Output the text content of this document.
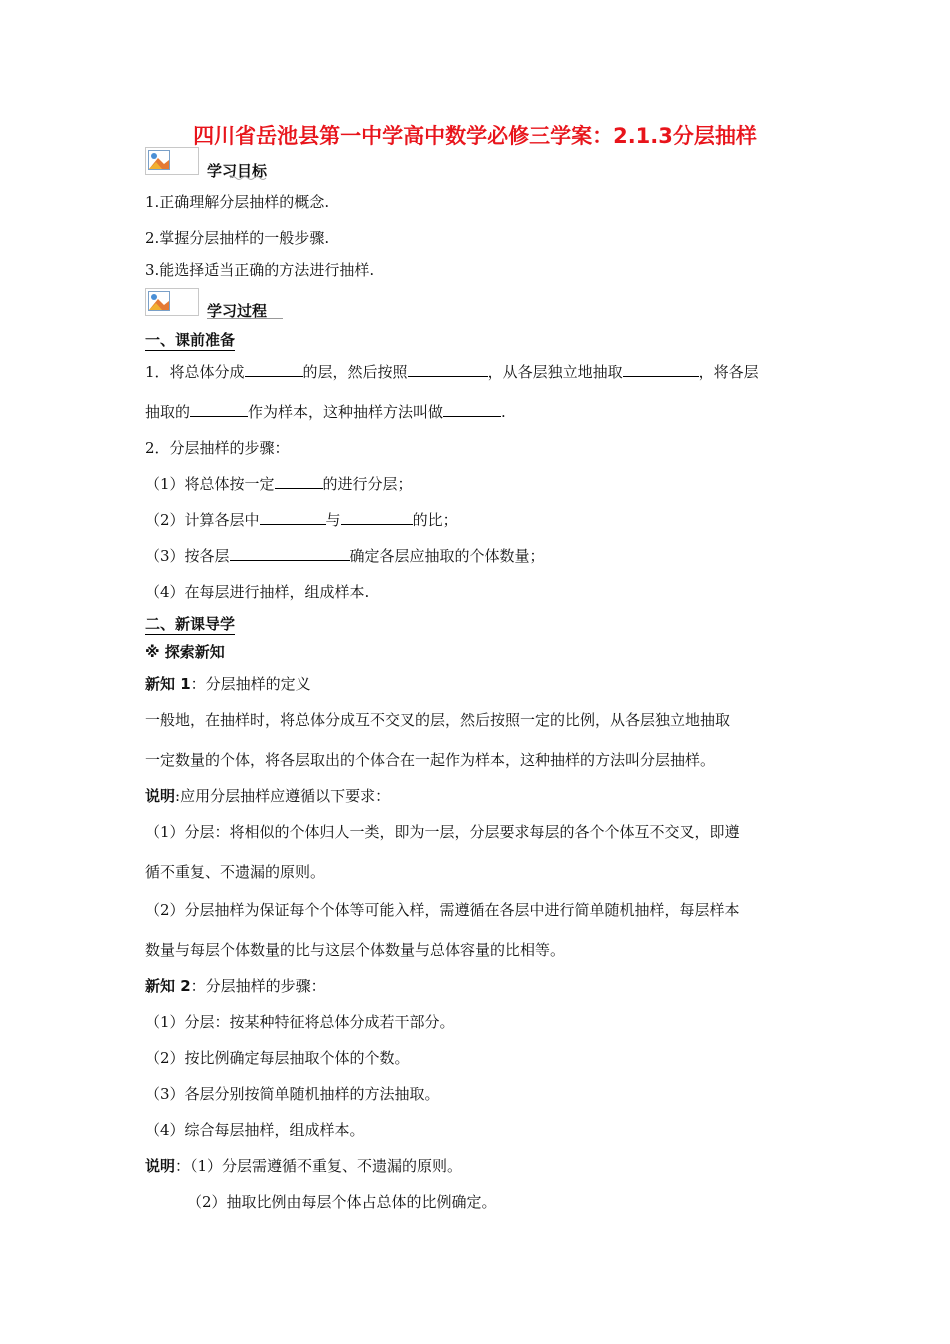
四川省岳池县第一中学高中数学必修三学案：2.1.3分层抽样
学习目标
1.正确理解分层抽样的概念.
2.掌握分层抽样的一般步骤.
3.能选择适当正确的方法进行抽样.
学习过程
一、课前准备
1．将总体分成	的层，然后按照	，从各层独立地抽取	，将各层
抽取的	作为样本，这种抽样方法叫做	.
2．分层抽样的步骤：
（1）将总体按一定	的进行分层；
（2）计算各层中	与	的比；
（3）按各层	确定各层应抽取的个体数量；
（4）在每层进行抽样，组成样本.
二、新课导学
※ 探索新知
新知 1：分层抽样的定义
一般地，在抽样时，将总体分成互不交叉的层，然后按照一定的比例，从各层独立地抽取
一定数量的个体，将各层取出的个体合在一起作为样本，这种抽样的方法叫分层抽样。
说明:应用分层抽样应遵循以下要求：
（1）分层：将相似的个体归人一类，即为一层，分层要求每层的各个个体互不交叉，即遵
循不重复、不遗漏的原则。
（2）分层抽样为保证每个个体等可能入样，需遵循在各层中进行简单随机抽样，每层样本
数量与每层个体数量的比与这层个体数量与总体容量的比相等。
新知 2：分层抽样的步骤：
（1）分层：按某种特征将总体分成若干部分。
（2）按比例确定每层抽取个体的个数。
（3）各层分别按简单随机抽样的方法抽取。
（4）综合每层抽样，组成样本。
说明：（1）分层需遵循不重复、不遗漏的原则。
（2）抽取比例由每层个体占总体的比例确定。
